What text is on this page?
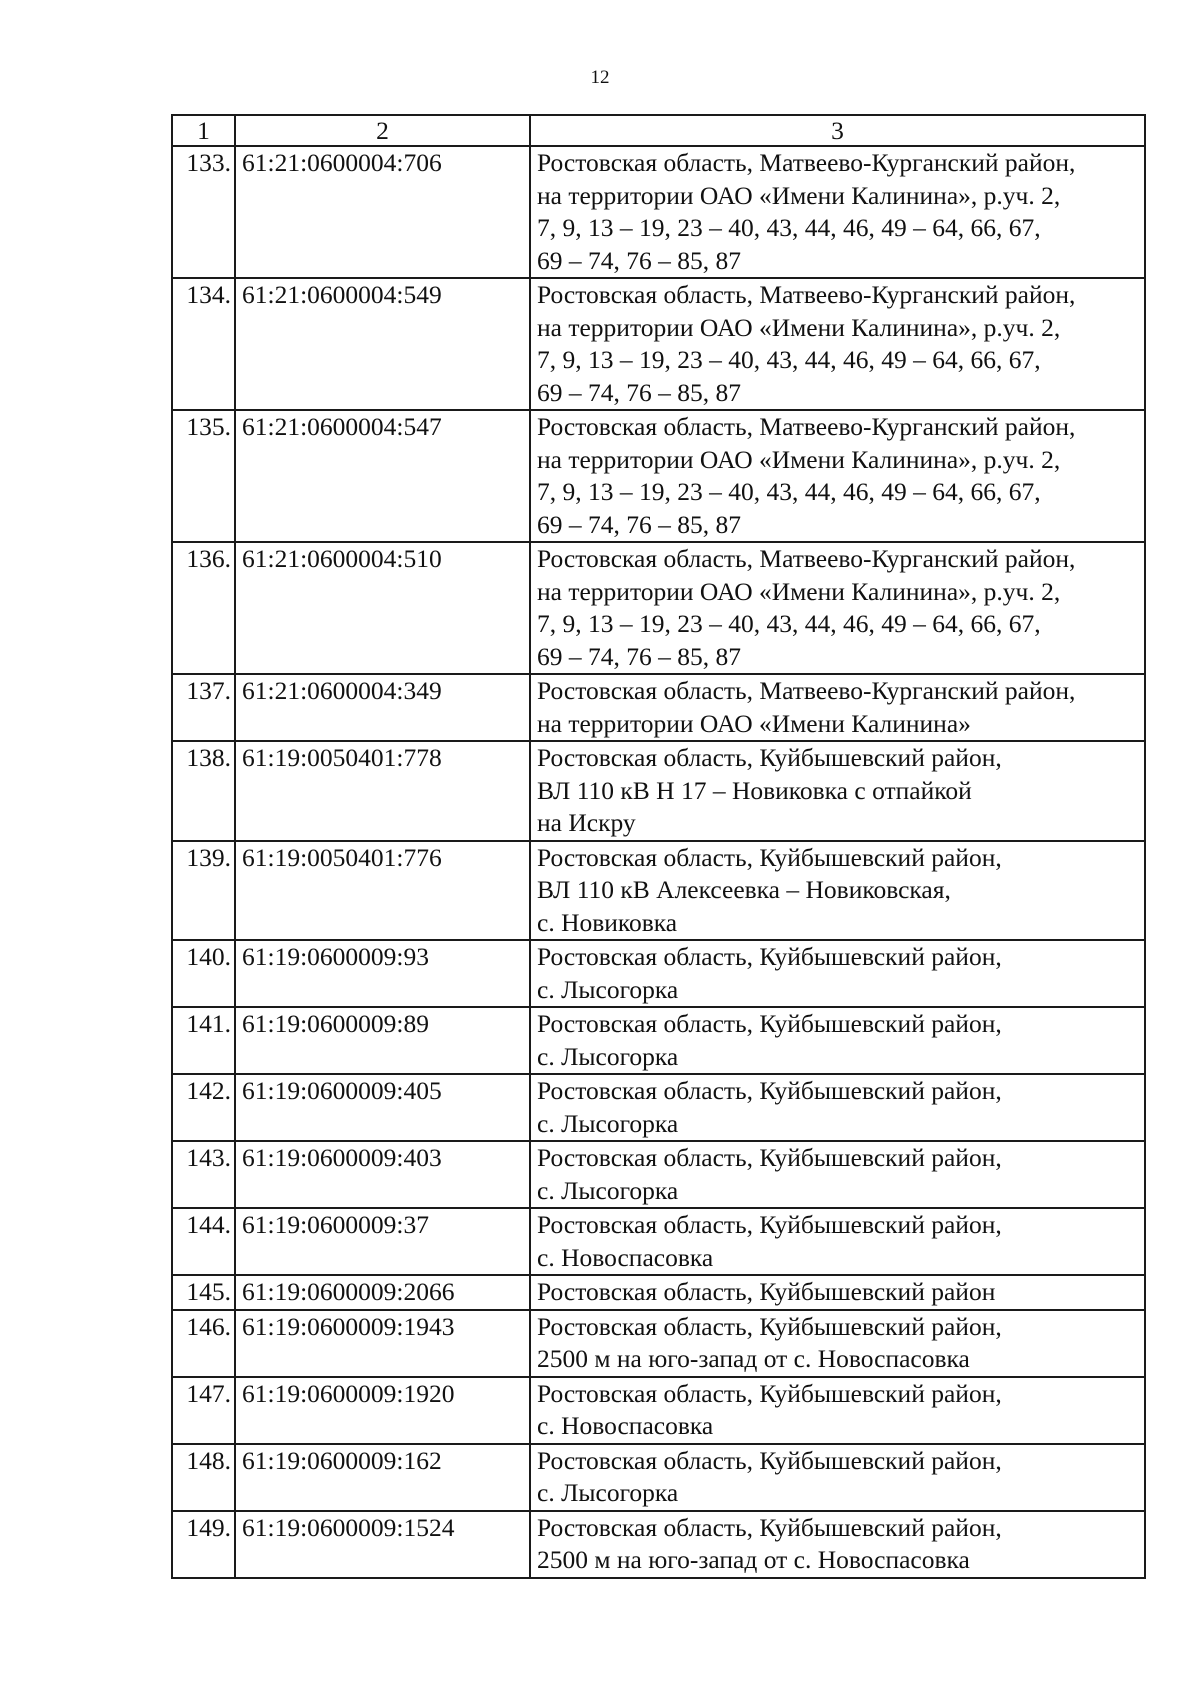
12
1	2	3
133.	61:21:0600004:706	Ростовская область, Матвеево-Курганский район,
на территории ОАО «Имени Калинина», р.уч. 2,
7, 9, 13 – 19, 23 – 40, 43, 44, 46, 49 – 64, 66, 67,
69 – 74, 76 – 85, 87

134.	61:21:0600004:549	Ростовская область, Матвеево-Курганский район,
на территории ОАО «Имени Калинина», р.уч. 2,
7, 9, 13 – 19, 23 – 40, 43, 44, 46, 49 – 64, 66, 67,
69 – 74, 76 – 85, 87

135.	61:21:0600004:547	Ростовская область, Матвеево-Курганский район,
на территории ОАО «Имени Калинина», р.уч. 2,
7, 9, 13 – 19, 23 – 40, 43, 44, 46, 49 – 64, 66, 67,
69 – 74, 76 – 85, 87

136.	61:21:0600004:510	Ростовская область, Матвеево-Курганский район,
на территории ОАО «Имени Калинина», р.уч. 2,
7, 9, 13 – 19, 23 – 40, 43, 44, 46, 49 – 64, 66, 67,
69 – 74, 76 – 85, 87

137.	61:21:0600004:349	Ростовская область, Матвеево-Курганский район,
на территории ОАО «Имени Калинина»

138.	61:19:0050401:778	Ростовская область, Куйбышевский район,
ВЛ 110 кВ Н 17 – Новиковка с отпайкой
на Искру

139.	61:19:0050401:776	Ростовская область, Куйбышевский район,
ВЛ 110 кВ Алексеевка – Новиковская,
с. Новиковка

140.	61:19:0600009:93	Ростовская область, Куйбышевский район,
с. Лысогорка

141.	61:19:0600009:89	Ростовская область, Куйбышевский район,
с. Лысогорка

142.	61:19:0600009:405	Ростовская область, Куйбышевский район,
с. Лысогорка

143.	61:19:0600009:403	Ростовская область, Куйбышевский район,
с. Лысогорка

144.	61:19:0600009:37	Ростовская область, Куйбышевский район,
с. Новоспасовка

145.	61:19:0600009:2066	Ростовская область, Куйбышевский район

146.	61:19:0600009:1943	Ростовская область, Куйбышевский район,
2500 м на юго-запад от с. Новоспасовка

147.	61:19:0600009:1920	Ростовская область, Куйбышевский район,
с. Новоспасовка

148.	61:19:0600009:162	Ростовская область, Куйбышевский район,
с. Лысогорка

149.	61:19:0600009:1524	Ростовская область, Куйбышевский район,
2500 м на юго-запад от с. Новоспасовка
